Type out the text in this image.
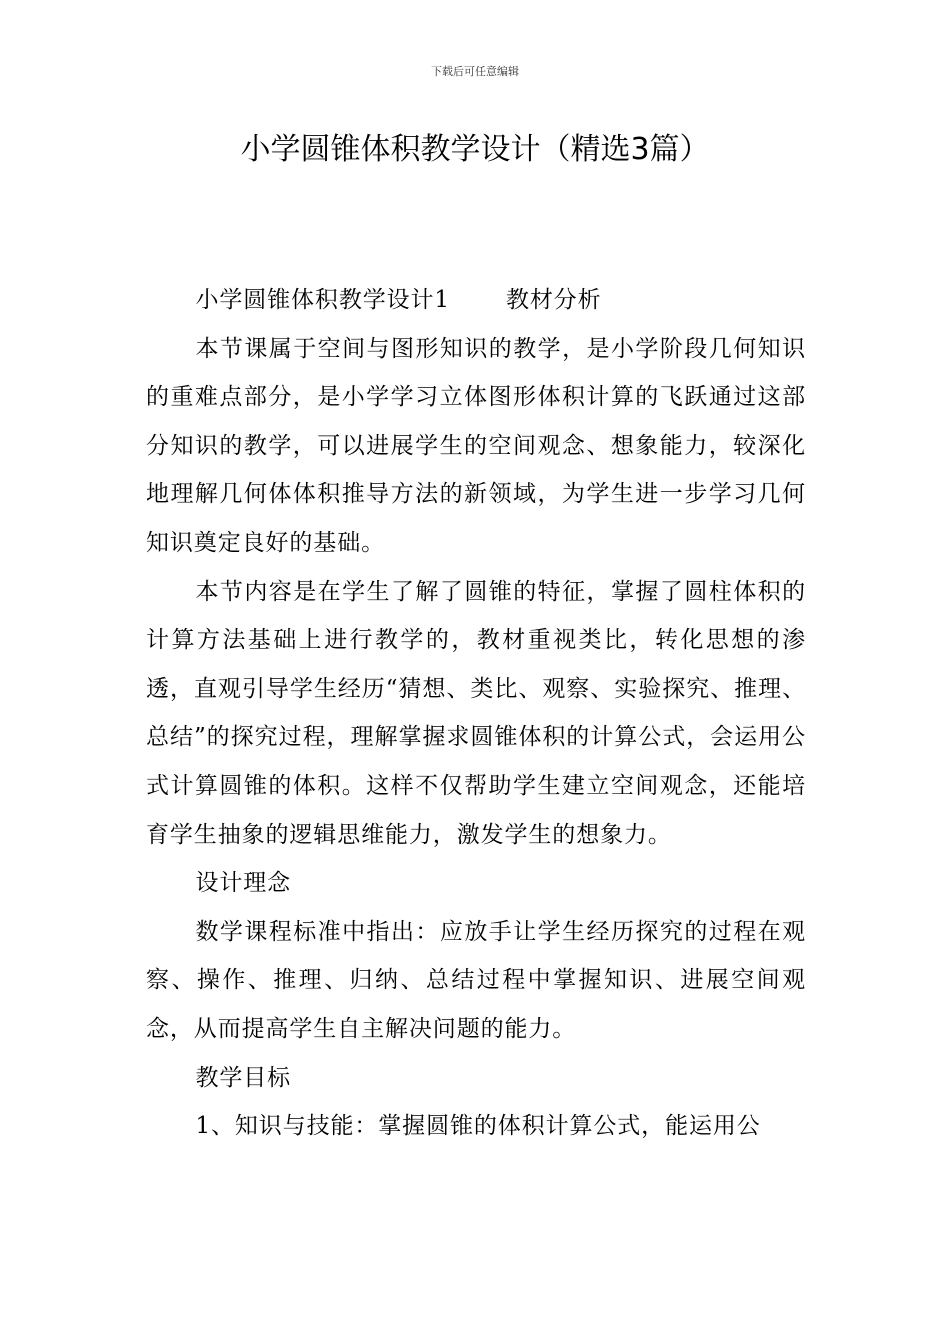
下载后可任意编辑
小学圆锥体积教学设计（精选3篇）

小学圆锥体积教学设计1 教材分析

本节课属于空间与图形知识的教学，是小学阶段几何知识的重难点部分，是小学学习立体图形体积计算的飞跃通过这部分知识的教学，可以进展学生的空间观念、想象能力，较深化地理解几何体体积推导方法的新领域，为学生进一步学习几何知识奠定良好的基础。

本节内容是在学生了解了圆锥的特征，掌握了圆柱体积的计算方法基础上进行教学的，教材重视类比，转化思想的渗透，直观引导学生经历“猜想、类比、观察、实验探究、推理、总结”的探究过程，理解掌握求圆锥体积的计算公式，会运用公式计算圆锥的体积。这样不仅帮助学生建立空间观念，还能培育学生抽象的逻辑思维能力，激发学生的想象力。

设计理念

数学课程标准中指出：应放手让学生经历探究的过程在观察、操作、推理、归纳、总结过程中掌握知识、进展空间观念，从而提高学生自主解决问题的能力。

教学目标

1、知识与技能：掌握圆锥的体积计算公式，能运用公
